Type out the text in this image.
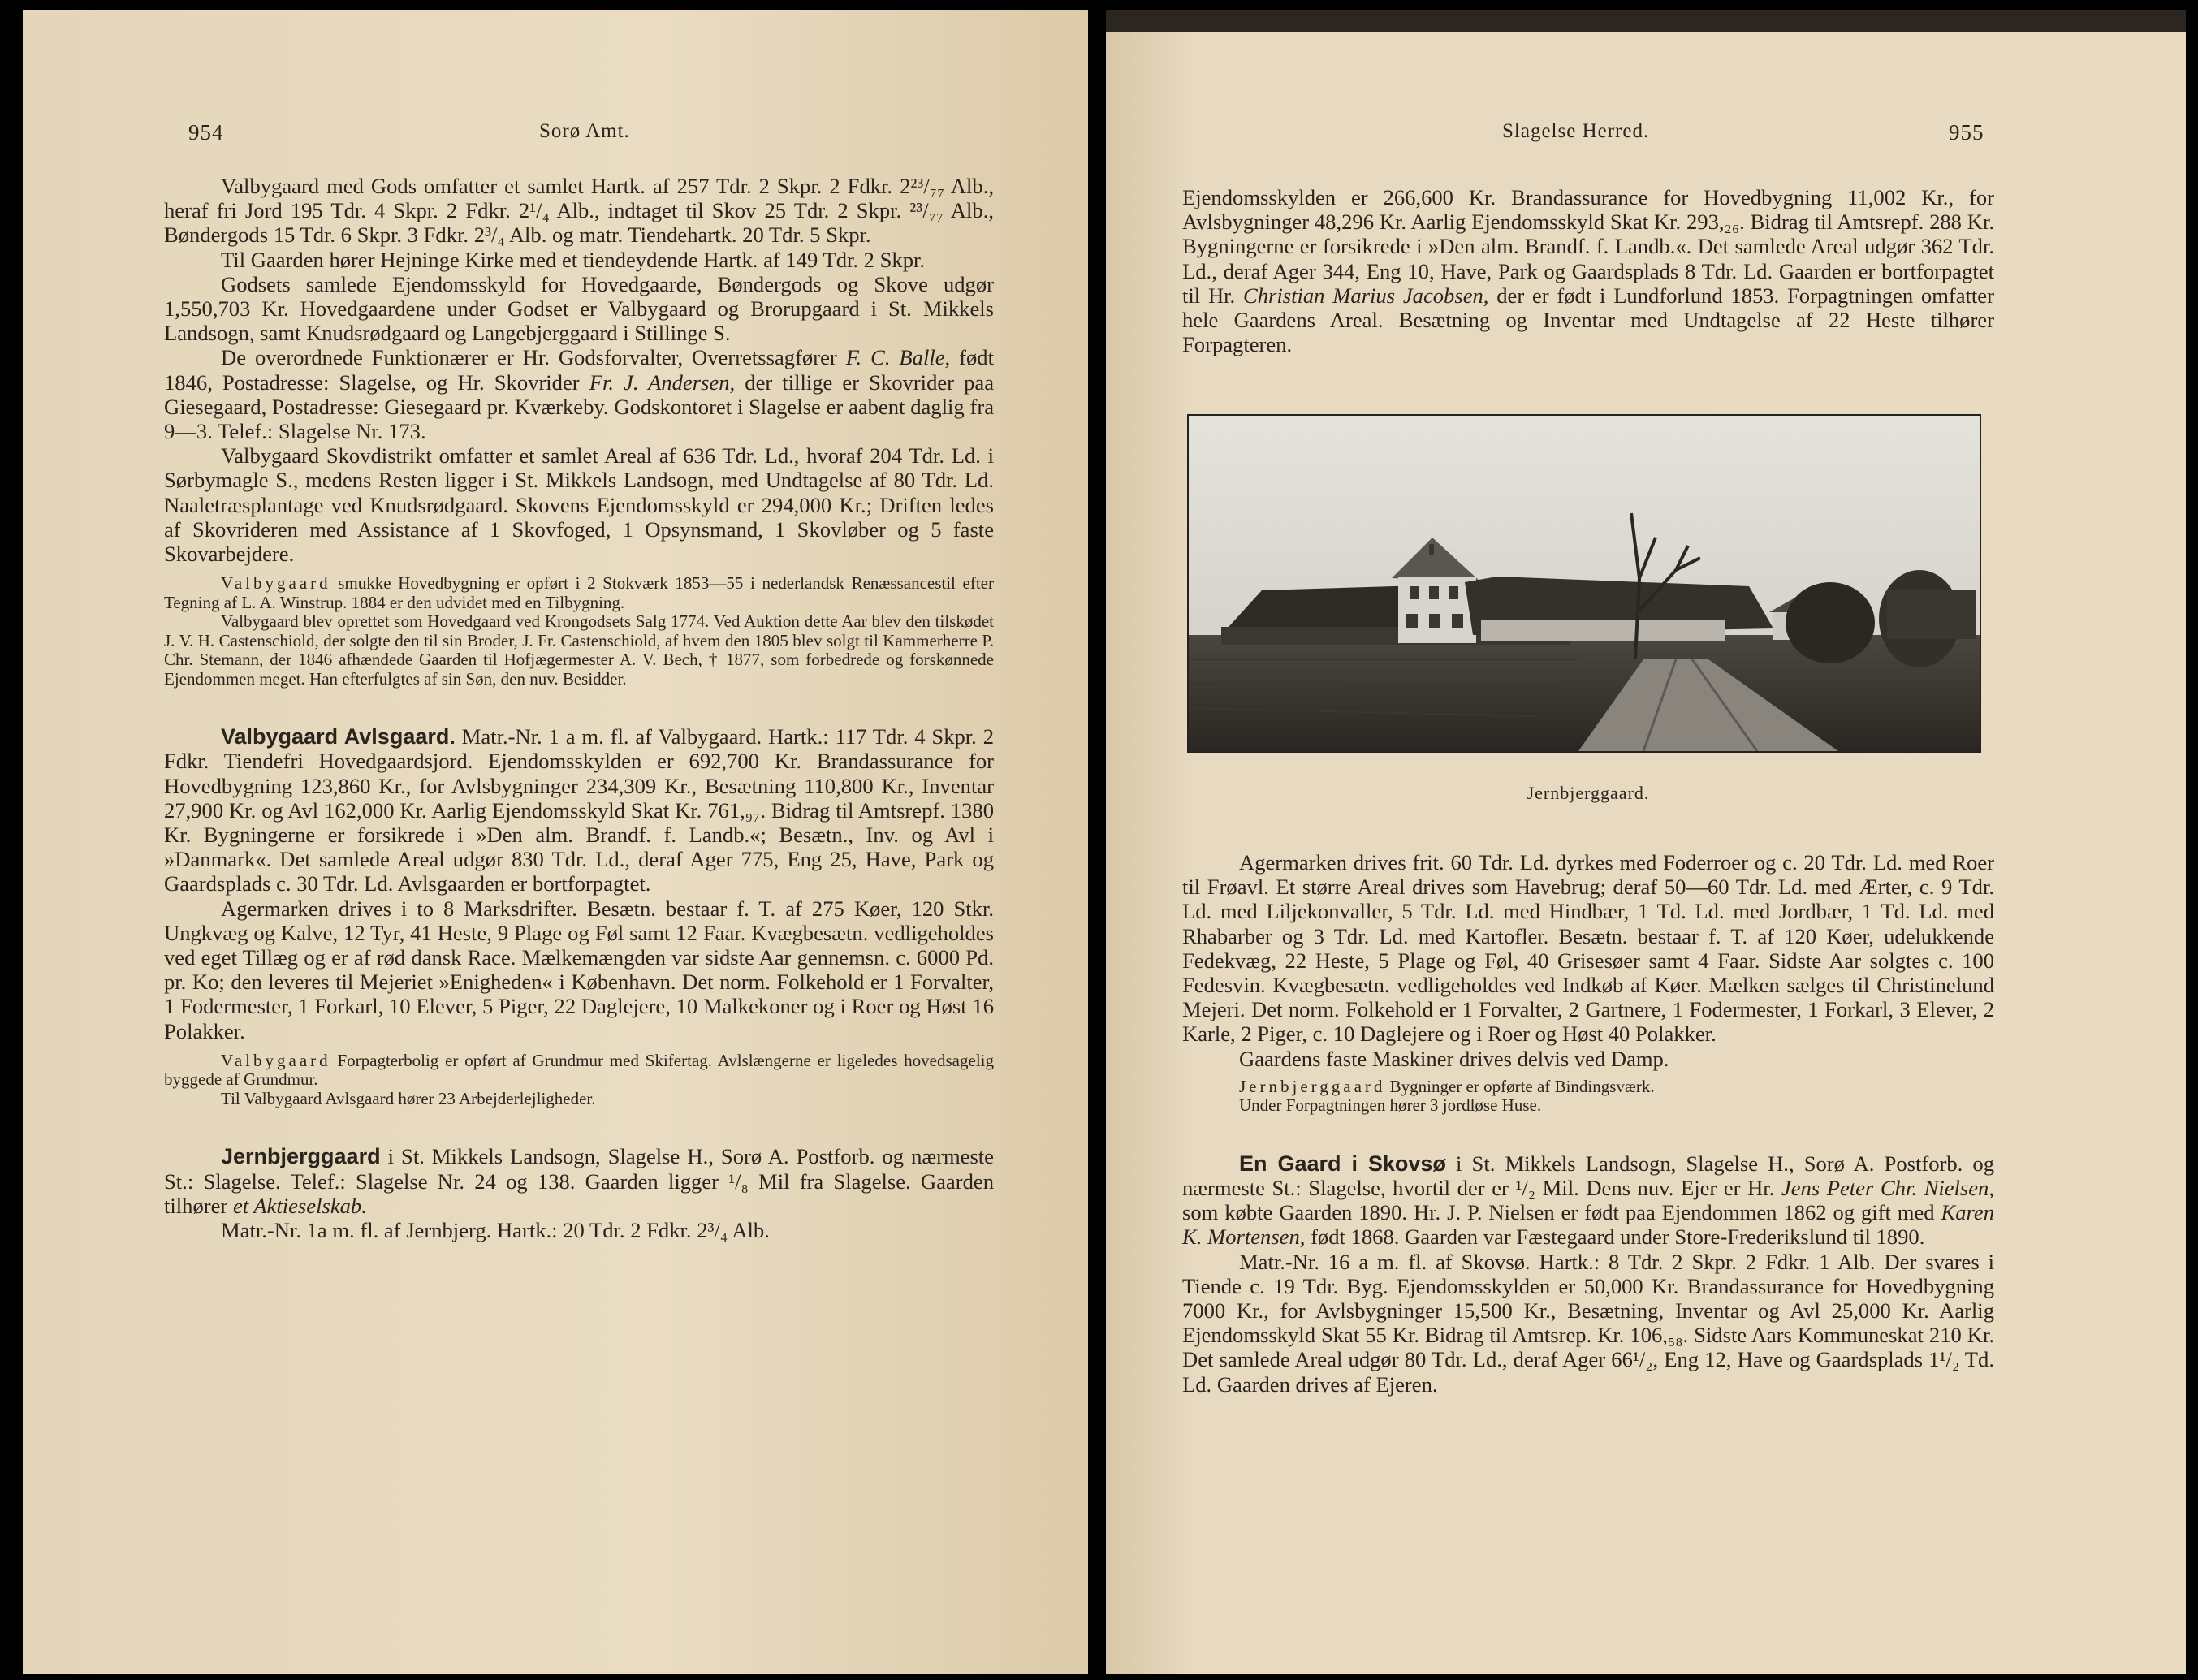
954	Sorø Amt.

Valbygaard med Gods omfatter et samlet Hartk. af 257 Tdr. 2 Skpr. 2 Fdkr. 2²³/₇₇ Alb., heraf fri Jord 195 Tdr. 4 Skpr. 2 Fdkr. 2¹/₄ Alb., indtaget til Skov 25 Tdr. 2 Skpr. ²³/₇₇ Alb., Bøndergods 15 Tdr. 6 Skpr. 3 Fdkr. 2³/₄ Alb. og matr. Tiendehartk. 20 Tdr. 5 Skpr.

Til Gaarden hører Hejninge Kirke med et tiendeydende Hartk. af 149 Tdr. 2 Skpr.

Godsets samlede Ejendomsskyld for Hovedgaarde, Bøndergods og Skove udgør 1,550,703 Kr. Hovedgaardene under Godset er Valbygaard og Brorupgaard i St. Mikkels Landsogn, samt Knudsrødgaard og Langebjerggaard i Stillinge S.

De overordnede Funktionærer er Hr. Godsforvalter, Overretssagfører F. C. Balle, født 1846, Postadresse: Slagelse, og Hr. Skovrider Fr. J. Andersen, der tillige er Skovrider paa Giesegaard, Postadresse: Giesegaard pr. Kværkeby. Godskontoret i Slagelse er aabent daglig fra 9—3. Telef.: Slagelse Nr. 173.

Valbygaard Skovdistrikt omfatter et samlet Areal af 636 Tdr. Ld., hvoraf 204 Tdr. Ld. i Sørbymagle S., medens Resten ligger i St. Mikkels Landsogn, med Undtagelse af 80 Tdr. Ld. Naaletræsplantage ved Knudsrødgaard. Skovens Ejendomsskyld er 294,000 Kr.; Driften ledes af Skovrideren med Assistance af 1 Skovfoged, 1 Opsynsmand, 1 Skovløber og 5 faste Skovarbejdere.

Valbygaard smukke Hovedbygning er opført i 2 Stokværk 1853—55 i nederlandsk Renæssancestil efter Tegning af L. A. Winstrup. 1884 er den udvidet med en Tilbygning.

Valbygaard blev oprettet som Hovedgaard ved Krongodsets Salg 1774. Ved Auktion dette Aar blev den tilskødet J. V. H. Castenschiold, der solgte den til sin Broder, J. Fr. Castenschiold, af hvem den 1805 blev solgt til Kammerherre P. Chr. Stemann, der 1846 afhændede Gaarden til Hofjægermester A. V. Bech, † 1877, som forbedrede og forskønnede Ejendommen meget. Han efterfulgtes af sin Søn, den nuv. Besidder.

Valbygaard Avlsgaard. Matr.-Nr. 1 a m. fl. af Valbygaard. Hartk.: 117 Tdr. 4 Skpr. 2 Fdkr. Tiendefri Hovedgaardsjord. Ejendomsskylden er 692,700 Kr. Brandassurance for Hovedbygning 123,860 Kr., for Avlsbygninger 234,309 Kr., Besætning 110,800 Kr., Inventar 27,900 Kr. og Avl 162,000 Kr. Aarlig Ejendomsskyld Skat Kr. 761,₉₇. Bidrag til Amtsrepf. 1380 Kr. Bygningerne er forsikrede i »Den alm. Brandf. f. Landb.«; Besætn., Inv. og Avl i »Danmark«. Det samlede Areal udgør 830 Tdr. Ld., deraf Ager 775, Eng 25, Have, Park og Gaardsplads c. 30 Tdr. Ld. Avlsgaarden er bortforpagtet.

Agermarken drives i to 8 Marksdrifter. Besætn. bestaar f. T. af 275 Køer, 120 Stkr. Ungkvæg og Kalve, 12 Tyr, 41 Heste, 9 Plage og Føl samt 12 Faar. Kvægbesætn. vedligeholdes ved eget Tillæg og er af rød dansk Race. Mælkemængden var sidste Aar gennemsn. c. 6000 Pd. pr. Ko; den leveres til Mejeriet »Enigheden« i København. Det norm. Folkehold er 1 Forvalter, 1 Fodermester, 1 Forkarl, 10 Elever, 5 Piger, 22 Daglejere, 10 Malkekoner og i Roer og Høst 16 Polakker.

Valbygaard Forpagterbolig er opført af Grundmur med Skifertag. Avlslængerne er ligeledes hovedsagelig byggede af Grundmur.

Til Valbygaard Avlsgaard hører 23 Arbejderlejligheder.

Jernbjerggaard i St. Mikkels Landsogn, Slagelse H., Sorø A. Postforb. og nærmeste St.: Slagelse. Telef.: Slagelse Nr. 24 og 138. Gaarden ligger ¹/₈ Mil fra Slagelse. Gaarden tilhører et Aktieselskab.

Matr.-Nr. 1a m. fl. af Jernbjerg. Hartk.: 20 Tdr. 2 Fdkr. 2³/₄ Alb.

Slagelse Herred.	955

Ejendomsskylden er 266,600 Kr. Brandassurance for Hovedbygning 11,002 Kr., for Avlsbygninger 48,296 Kr. Aarlig Ejendomsskyld Skat Kr. 293,₂₆. Bidrag til Amtsrepf. 288 Kr. Bygningerne er forsikrede i »Den alm. Brandf. f. Landb.«. Det samlede Areal udgør 362 Tdr. Ld., deraf Ager 344, Eng 10, Have, Park og Gaardsplads 8 Tdr. Ld. Gaarden er bortforpagtet til Hr. Christian Marius Jacobsen, der er født i Lundforlund 1853. Forpagtningen omfatter hele Gaardens Areal. Besætning og Inventar med Undtagelse af 22 Heste tilhører Forpagteren.

Jernbjerggaard.

Agermarken drives frit. 60 Tdr. Ld. dyrkes med Foderroer og c. 20 Tdr. Ld. med Roer til Frøavl. Et større Areal drives som Havebrug; deraf 50—60 Tdr. Ld. med Ærter, c. 9 Tdr. Ld. med Liljekonvaller, 5 Tdr. Ld. med Hindbær, 1 Td. Ld. med Jordbær, 1 Td. Ld. med Rhabarber og 3 Tdr. Ld. med Kartofler. Besætn. bestaar f. T. af 120 Køer, udelukkende Fedekvæg, 22 Heste, 5 Plage og Føl, 40 Grisesøer samt 4 Faar. Sidste Aar solgtes c. 100 Fedesvin. Kvægbesætn. vedligeholdes ved Indkøb af Køer. Mælken sælges til Christinelund Mejeri. Det norm. Folkehold er 1 Forvalter, 2 Gartnere, 1 Fodermester, 1 Forkarl, 3 Elever, 2 Karle, 2 Piger, c. 10 Daglejere og i Roer og Høst 40 Polakker.

Gaardens faste Maskiner drives delvis ved Damp.

Jernbjerggaard Bygninger er opførte af Bindingsværk.

Under Forpagtningen hører 3 jordløse Huse.

En Gaard i Skovsø i St. Mikkels Landsogn, Slagelse H., Sorø A. Postforb. og nærmeste St.: Slagelse, hvortil der er ¹/₂ Mil. Dens nuv. Ejer er Hr. Jens Peter Chr. Nielsen, som købte Gaarden 1890. Hr. J. P. Nielsen er født paa Ejendommen 1862 og gift med Karen K. Mortensen, født 1868. Gaarden var Fæstegaard under Store-Frederikslund til 1890.

Matr.-Nr. 16 a m. fl. af Skovsø. Hartk.: 8 Tdr. 2 Skpr. 2 Fdkr. 1 Alb. Der svares i Tiende c. 19 Tdr. Byg. Ejendomsskylden er 50,000 Kr. Brandassurance for Hovedbygning 7000 Kr., for Avlsbygninger 15,500 Kr., Besætning, Inventar og Avl 25,000 Kr. Aarlig Ejendomsskyld Skat 55 Kr. Bidrag til Amtsrep. Kr. 106,₅₈. Sidste Aars Kommuneskat 210 Kr. Det samlede Areal udgør 80 Tdr. Ld., deraf Ager 66¹/₂, Eng 12, Have og Gaardsplads 1¹/₂ Td. Ld. Gaarden drives af Ejeren.
